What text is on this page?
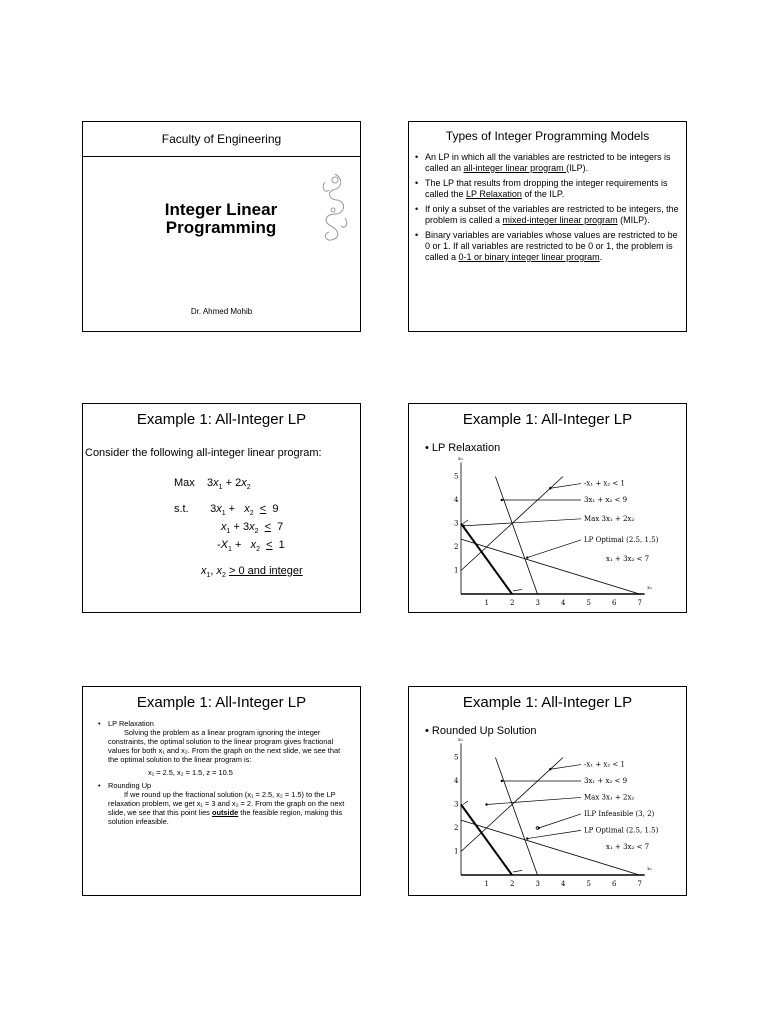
Faculty of Engineering
Integer Linear
Programming
Dr. Ahmed Mohib
Types of Integer Programming Models
• An LP in which all the variables are restricted to be integers is called an all-integer linear program (ILP).
• The LP that results from dropping the integer requirements is called the LP Relaxation of the ILP.
• If only a subset of the variables are restricted to be integers, the problem is called a mixed-integer linear program (MILP).
• Binary variables are variables whose values are restricted to be 0 or 1. If all variables are restricted to be 0 or 1, the problem is called a 0-1 or binary integer linear program.
Example 1: All-Integer LP
Consider the following all-integer linear program:
Max    $3x_1 + 2x_2$
s.t.       $3x_1 + x_2 < 9$
$x_1 + 3x_2 < 7$
$-X_1 + x_2 < 1$
$x_1$, $x_2 > 0$ and integer
Example 1: All-Integer LP
• LP Relaxation
1	2	3	4	5	6	7
1
2
3
4
5
x₁
x₂
-x₁ + x₂ < 1
3x₁ + x₂ < 9
Max 3x₁ + 2x₂
LP Optimal (2.5, 1.5)
x₁ + 3x₂ < 7
Example 1: All-Integer LP
• LP Relaxation
Solving the problem as a linear program ignoring the integer constraints, the optimal solution to the linear program gives fractional values for both x₁ and x₂. From the graph on the next slide, we see that the optimal solution to the linear program is:
x₁ = 2.5, x₂ = 1.5, z = 10.5
• Rounding Up
If we round up the fractional solution (x₁ = 2.5, x₂ = 1.5) to the LP relaxation problem, we get x₁ = 3 and x₂ = 2. From the graph on the next slide, we see that this point lies outside the feasible region, making this solution infeasible.
Example 1: All-Integer LP
• Rounded Up Solution
1	2	3	4	5	6	7
1
2
3
4
5
x₁
x₂
-x₁ + x₂ < 1
3x₁ + x₂ < 9
Max 3x₁ + 2x₂
ILP Infeasible (3, 2)
LP Optimal (2.5, 1.5)
x₁ + 3x₂ < 7
